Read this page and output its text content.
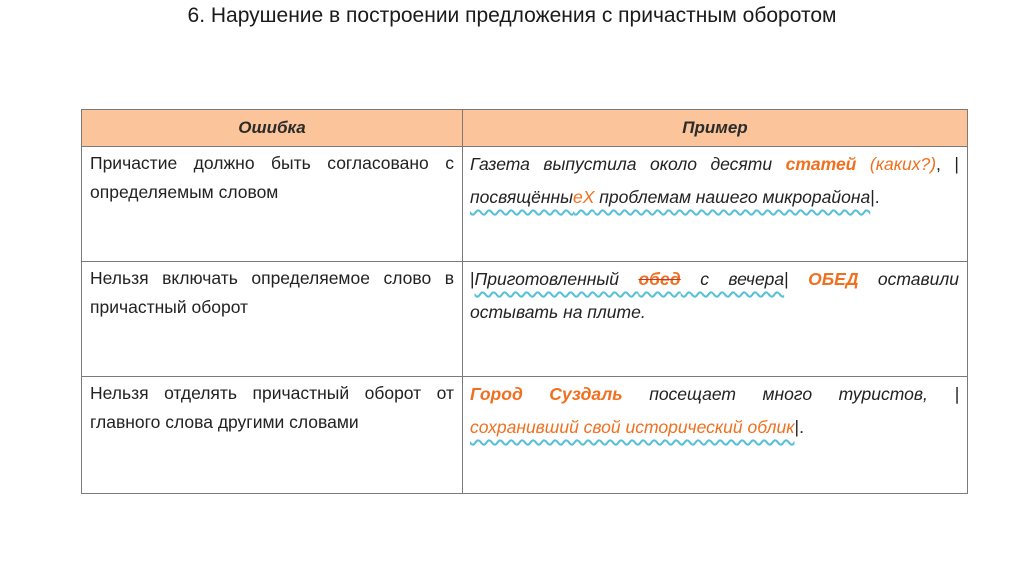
6. Нарушение в построении предложения с причастным оборотом
Ошибка	Пример
Причастие должно быть согласовано с определяемым словом	Газета выпустила около десяти статей (каких?), |посвящённыеХ проблемам нашего микрорайона|.
Нельзя включать определяемое слово в причастный оборот	|Приготовленный обед с вечера| ОБЕД оставили остывать на плите.
Нельзя отделять причастный оборот от главного слова другими словами	Город Суздаль посещает много туристов, |сохранивший свой исторический облик|.
